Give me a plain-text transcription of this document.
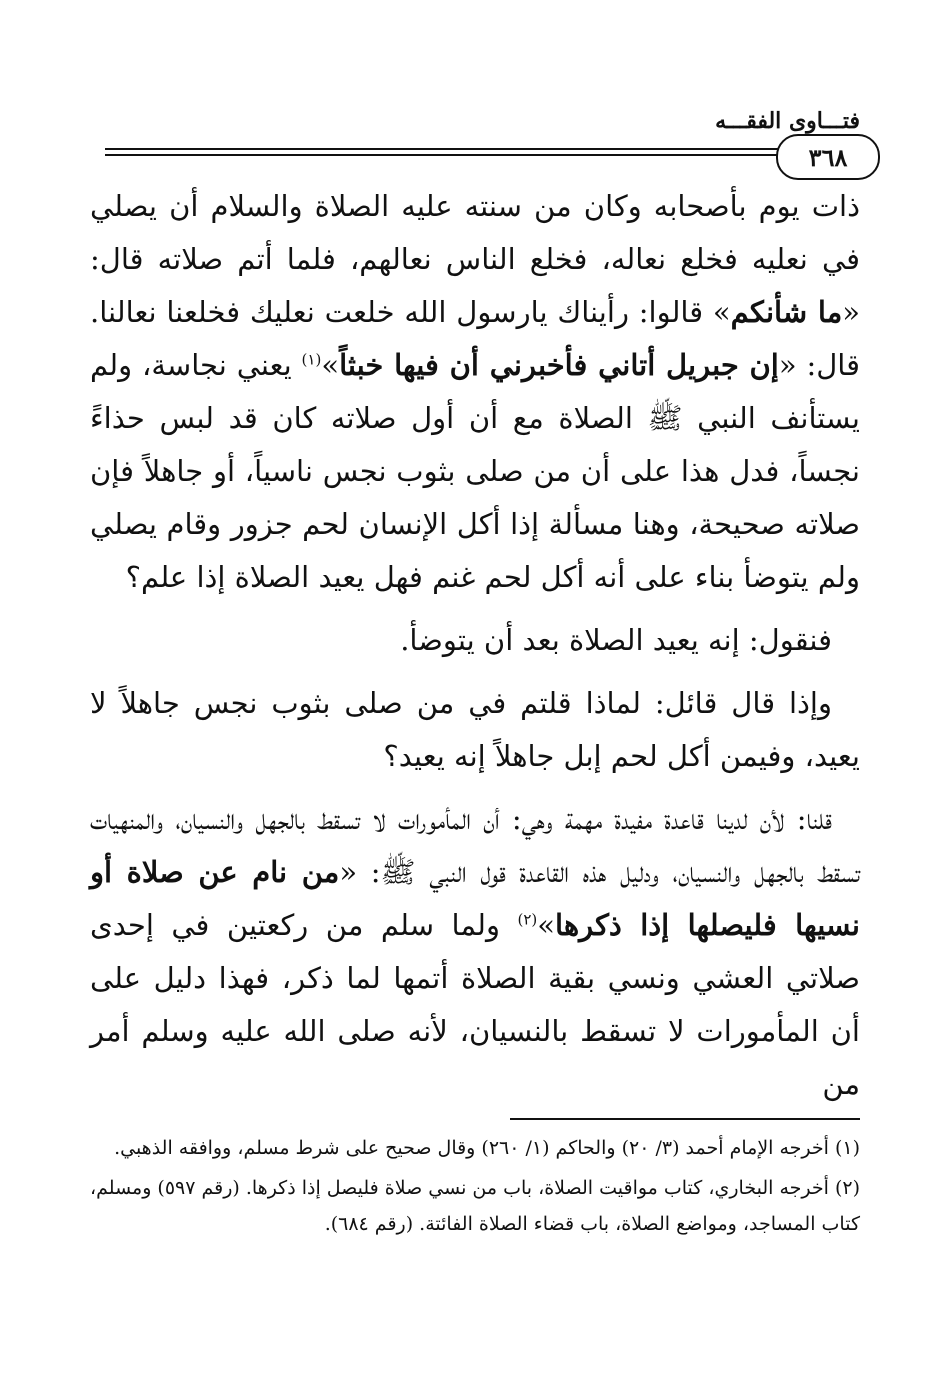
فتـــاوى الفقـــه
٣٦٨

ذات يوم بأصحابه وكان من سنته عليه الصلاة والسلام أن يصلي في نعليه فخلع نعاله، فخلع الناس نعالهم، فلما أتم صلاته قال: «ما شأنكم» قالوا: رأيناك يارسول الله خلعت نعليك فخلعنا نعالنا. قال: «إن جبريل أتاني فأخبرني أن فيها خبثاً»$^{(١)}$ يعني نجاسة، ولم يستأنف النبي ﷺ الصلاة مع أن أول صلاته كان قد لبس حذاءً نجساً، فدل هذا على أن من صلى بثوب نجس ناسياً، أو جاهلاً فإن صلاته صحيحة، وهنا مسألة إذا أكل الإنسان لحم جزور وقام يصلي ولم يتوضأ بناء على أنه أكل لحم غنم فهل يعيد الصلاة إذا علم؟

فنقول: إنه يعيد الصلاة بعد أن يتوضأ.

وإذا قال قائل: لماذا قلتم في من صلى بثوب نجس جاهلاً لا يعيد، وفيمن أكل لحم إبل جاهلاً إنه يعيد؟

قلنا: لأن لدينا قاعدة مفيدة مهمة وهي: أن المأمورات لا تسقط بالجهل والنسيان، والمنهيات تسقط بالجهل والنسيان، ودليل هذه القاعدة قول النبي ﷺ: «من نام عن صلاة أو نسيها فليصلها إذا ذكرها»$^{(٢)}$ ولما سلم من ركعتين في إحدى صلاتي العشي ونسي بقية الصلاة أتمها لما ذكر، فهذا دليل على أن المأمورات لا تسقط بالنسيان، لأنه صلى الله عليه وسلم أمر من

(١) أخرجه الإمام أحمد (٣/ ٢٠) والحاكم (١/ ٢٦٠) وقال صحيح على شرط مسلم، ووافقه الذهبي.

(٢) أخرجه البخاري، كتاب مواقيت الصلاة، باب من نسي صلاة فليصل إذا ذكرها. (رقم ٥٩٧) ومسلم، كتاب المساجد، ومواضع الصلاة، باب قضاء الصلاة الفائتة. (رقم ٦٨٤).
